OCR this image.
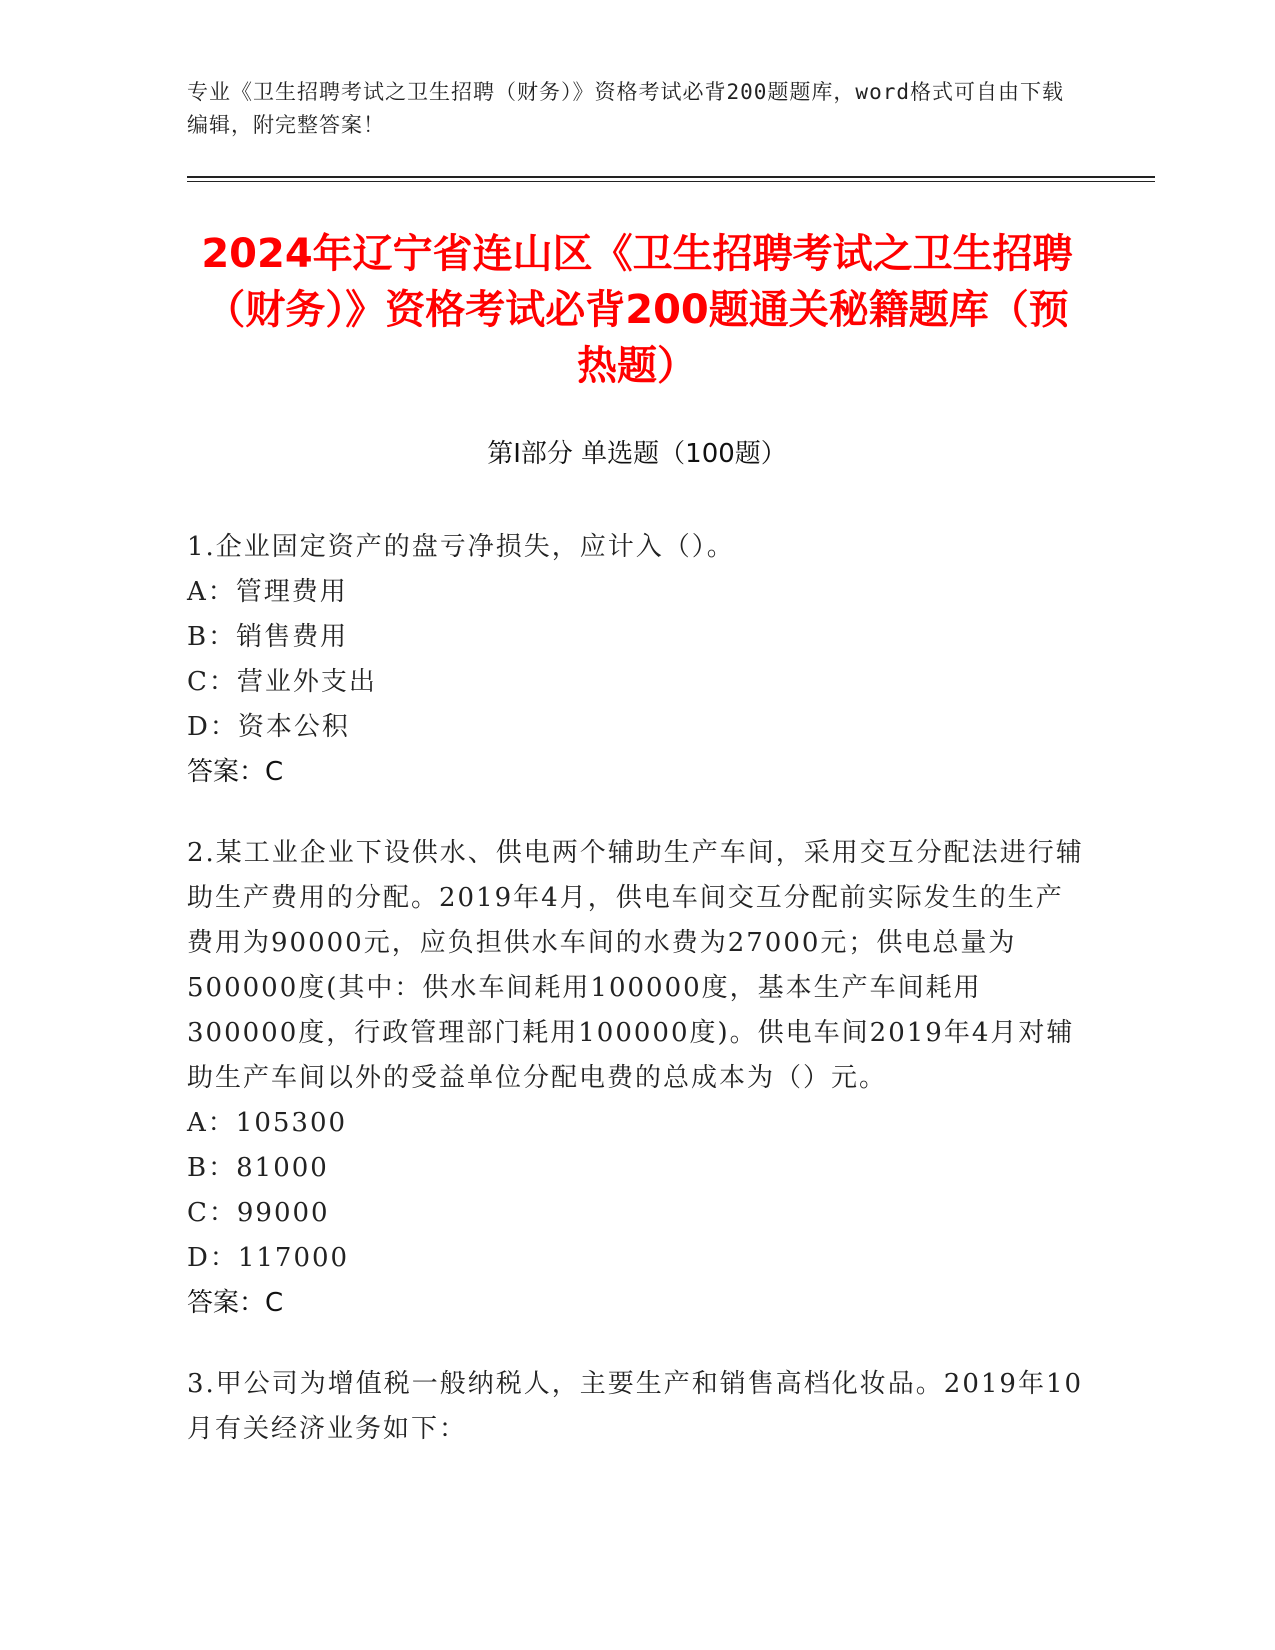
专业《卫生招聘考试之卫生招聘（财务）》资格考试必背200题题库，word格式可自由下载编辑，附完整答案！
2024年辽宁省连山区《卫生招聘考试之卫生招聘（财务）》资格考试必背200题通关秘籍题库（预热题）
第Ⅰ部分 单选题（100题）
1.企业固定资产的盘亏净损失，应计入（）。
A：管理费用
B：销售费用
C：营业外支出
D：资本公积
答案：C
2.某工业企业下设供水、供电两个辅助生产车间，采用交互分配法进行辅助生产费用的分配。2019年4月，供电车间交互分配前实际发生的生产费用为90000元，应负担供水车间的水费为27000元；供电总量为500000度(其中：供水车间耗用100000度，基本生产车间耗用300000度，行政管理部门耗用100000度)。供电车间2019年4月对辅助生产车间以外的受益单位分配电费的总成本为（）元。
A：105300
B：81000
C：99000
D：117000
答案：C
3.甲公司为增值税一般纳税人，主要生产和销售高档化妆品。2019年10月有关经济业务如下：
